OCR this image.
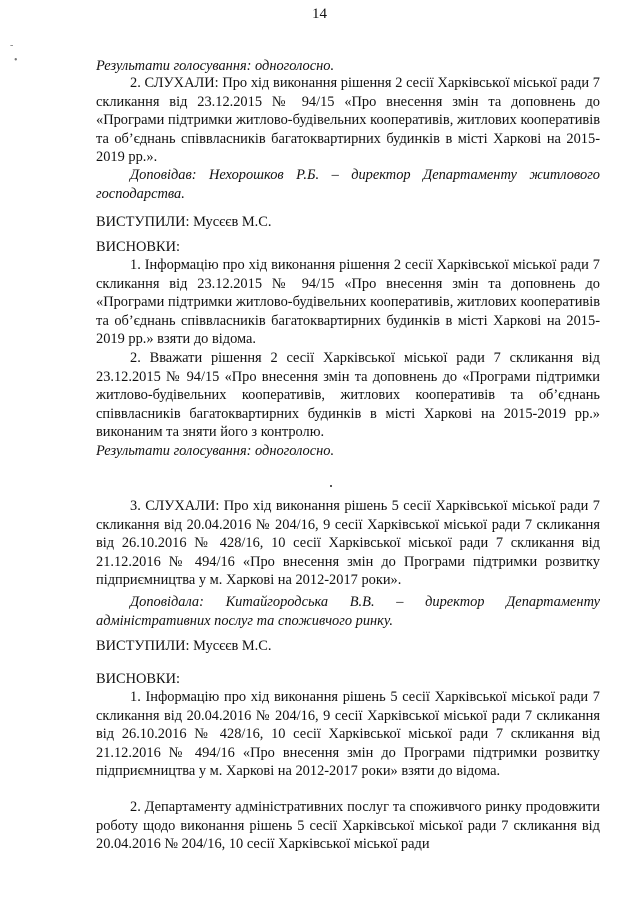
14
-
•	Результати голосування: одноголосно.

2. СЛУХАЛИ: Про хід виконання рішення 2 сесії Харківської міської ради 7 скликання від 23.12.2015 № 94/15 «Про внесення змін та доповнень до «Програми підтримки житлово-будівельних кооперативів, житлових кооперативів та об’єднань співвласників багатоквартирних будинків в місті Харкові на 2015-2019 рр.».
Доповідав: Нехорошков Р.Б. – директор Департаменту житлового господарства.
ВИСТУПИЛИ: Мусєєв М.С.
ВИСНОВКИ:
1. Інформацію про хід виконання рішення 2 сесії Харківської міської ради 7 скликання від 23.12.2015 № 94/15 «Про внесення змін та доповнень до «Програми підтримки житлово-будівельних кооперативів, житлових кооперативів та об’єднань співвласників багатоквартирних будинків в місті Харкові на 2015-2019 рр.» взяти до відома.
2. Вважати рішення 2 сесії Харківської міської ради 7 скликання від 23.12.2015 № 94/15 «Про внесення змін та доповнень до «Програми підтримки житлово-будівельних кооперативів, житлових кооперативів та об’єднань співвласників багатоквартирних будинків в місті Харкові на 2015-2019 рр.» виконаним та зняти його з контролю.
Результати голосування: одноголосно.
3. СЛУХАЛИ: Про хід виконання рішень 5 сесії Харківської міської ради 7 скликання від 20.04.2016 № 204/16, 9 сесії Харківської міської ради 7 скликання від 26.10.2016 № 428/16, 10 сесії Харківської міської ради 7 скликання від 21.12.2016 № 494/16 «Про внесення змін до Програми підтримки розвитку підприємництва у м. Харкові на 2012-2017 роки».
Доповідала: Китайгородська В.В. – директор Департаменту адміністративних послуг та споживчого ринку.
ВИСТУПИЛИ: Мусєєв М.С.
ВИСНОВКИ:
1. Інформацію про хід виконання рішень 5 сесії Харківської міської ради 7 скликання від 20.04.2016 № 204/16, 9 сесії Харківської міської ради 7 скликання від 26.10.2016 № 428/16, 10 сесії Харківської міської ради 7 скликання від 21.12.2016 № 494/16 «Про внесення змін до Програми підтримки розвитку підприємництва у м. Харкові на 2012-2017 роки» взяти до відома.
2. Департаменту адміністративних послуг та споживчого ринку продовжити роботу щодо виконання рішень 5 сесії Харківської міської ради 7 скликання від 20.04.2016 № 204/16, 10 сесії Харківської міської ради
